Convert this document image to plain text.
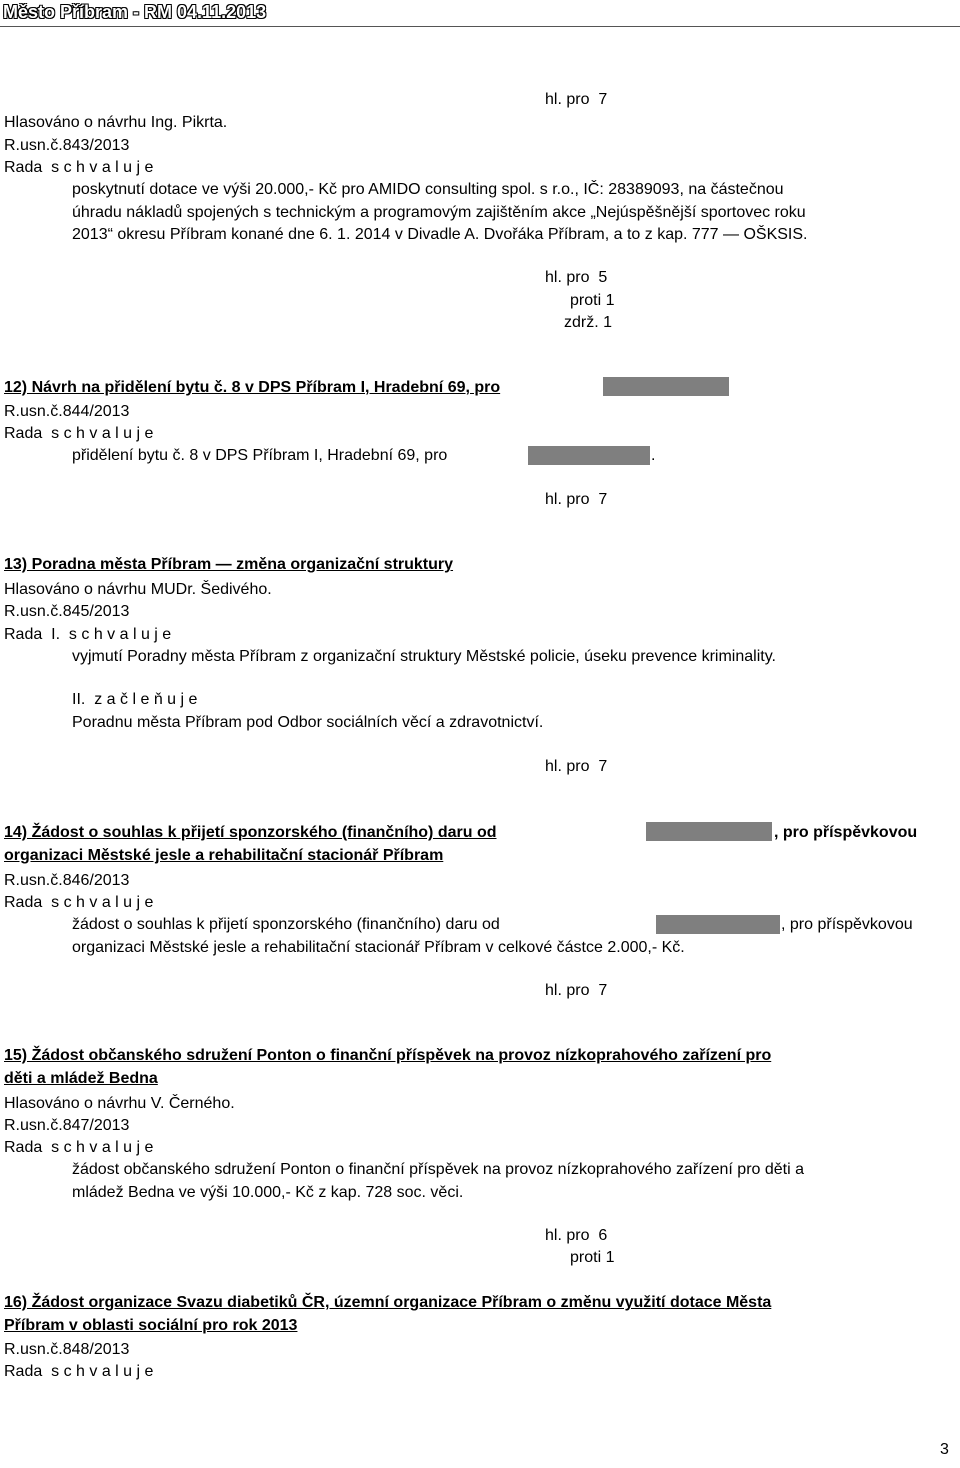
Město Příbram - RM 04.11.2013
hl. pro 7
Hlasováno o návrhu Ing. Pikrta.
R.usn.č.843/2013
Rada s c h v a l u j e
poskytnutí dotace ve výši 20.000,- Kč pro AMIDO consulting spol. s r.o., IČ: 28389093, na částečnou
úhradu nákladů spojených s technickým a programovým zajištěním akce „Nejúspěšnější sportovec roku
2013“ okresu Příbram konané dne 6. 1. 2014 v Divadle A. Dvořáka Příbram, a to z kap. 777 — OŠKSIS.
hl. pro 5
proti 1
zdrž. 1
12) Návrh na přidělení bytu č. 8 v DPS Příbram I, Hradební 69, pro
R.usn.č.844/2013
Rada s c h v a l u j e
přidělení bytu č. 8 v DPS Příbram I, Hradební 69, pro	.
hl. pro 7
13) Poradna města Příbram — změna organizační struktury
Hlasováno o návrhu MUDr. Šedivého.
R.usn.č.845/2013
Rada I. s c h v a l u j e
vyjmutí Poradny města Příbram z organizační struktury Městské policie, úseku prevence kriminality.
II. z a č l e ň u j e
Poradnu města Příbram pod Odbor sociálních věcí a zdravotnictví.
hl. pro 7
14) Žádost o souhlas k přijetí sponzorského (finančního) daru od	, pro příspěvkovou
organizaci Městské jesle a rehabilitační stacionář Příbram
R.usn.č.846/2013
Rada s c h v a l u j e
žádost o souhlas k přijetí sponzorského (finančního) daru od	, pro příspěvkovou
organizaci Městské jesle a rehabilitační stacionář Příbram v celkové částce 2.000,- Kč.
hl. pro 7
15) Žádost občanského sdružení Ponton o finanční příspěvek na provoz nízkoprahového zařízení pro
děti a mládež Bedna
Hlasováno o návrhu V. Černého.
R.usn.č.847/2013
Rada s c h v a l u j e
žádost občanského sdružení Ponton o finanční příspěvek na provoz nízkoprahového zařízení pro děti a
mládež Bedna ve výši 10.000,- Kč z kap. 728 soc. věci.
hl. pro 6
proti 1
16) Žádost organizace Svazu diabetiků ČR, územní organizace Příbram o změnu využití dotace Města
Příbram v oblasti sociální pro rok 2013
R.usn.č.848/2013
Rada s c h v a l u j e
3
